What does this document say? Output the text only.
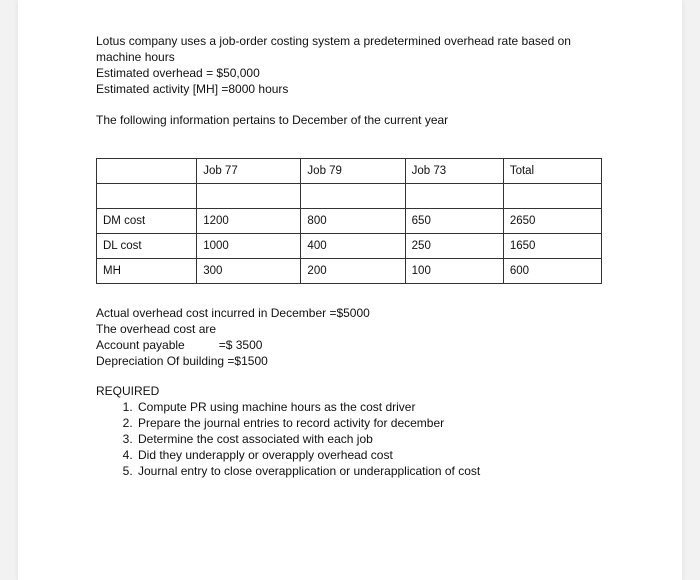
Lotus company uses a job-order costing system a predetermined overhead rate based on machine hours

Estimated overhead = $50,000

Estimated activity [MH] =8000 hours

The following information pertains to December of the current year

	Job 77	Job 79	Job 73	Total

DM cost	1200	800	650	2650
DL cost	1000	400	250	1650
MH	300	200	100	600

Actual overhead cost incurred in December =$5000

The overhead cost are

Account payable	=$ 3500

Depreciation Of building =$1500

REQUIRED

1. Compute PR using machine hours as the cost driver
2. Prepare the journal entries to record activity for december
3. Determine the cost associated with each job
4. Did they underapply or overapply overhead cost
5. Journal entry to close overapplication or underapplication of cost
